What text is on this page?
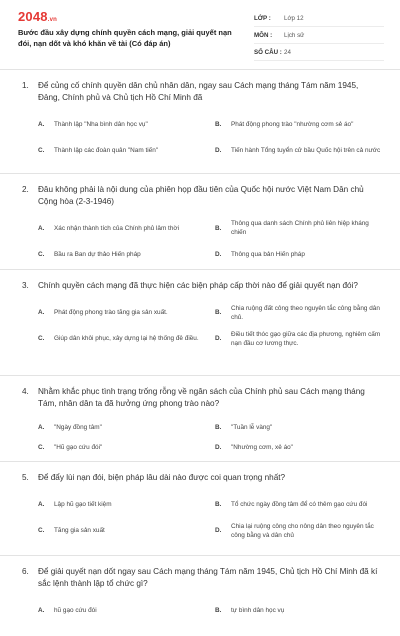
2048.vn
Bước đầu xây dựng chính quyền cách mạng, giải quyết nạn đói, nạn dốt và khó khăn về tài (Có đáp án)
LỚP :	Lớp 12
MÔN :	Lịch sử
SỐ CÂU : 24
1.	Để củng cố chính quyền dân chủ nhân dân, ngay sau Cách mạng tháng Tám năm 1945, Đảng, Chính phủ và Chủ tịch Hồ Chí Minh đã
A.	Thành lập "Nha bình dân học vụ"	B.	Phát động phong trào "nhường cơm sẻ áo"
C.	Thành lập các đoàn quân "Nam tiến"	D.	Tiến hành Tổng tuyển cử bầu Quốc hội trên cả nước
2.	Đâu không phải là nội dung của phiên họp đầu tiên của Quốc hội nước Việt Nam Dân chủ Cộng hòa (2-3-1946)
A.	Xác nhận thành tích của Chính phủ lâm thời	B.
Thông qua danh sách Chính phủ liên hiệp kháng chiến
C.	Bầu ra Ban dự thảo Hiến pháp	D.	Thông qua bản Hiến pháp
3.	Chính quyền cách mạng đã thực hiện các biện pháp cấp thời nào để giải quyết nạn đói?
A.	Phát động phong trào tăng gia sản xuất.	B.
Chia ruộng đất công theo nguyên tắc công bằng dân chủ.
C.	Giúp dân khôi phục, xây dựng lại hệ thống đê điều.	D.
Điều tiết thóc gạo giữa các địa phương, nghiêm cấm nạn đầu cơ lương thực.
4.	Nhằm khắc phục tình trạng trống rỗng về ngân sách của Chính phủ sau Cách mạng tháng Tám, nhân dân ta đã hưởng ứng phong trào nào?
A.	"Ngày đồng tâm"	B.	"Tuần lễ vàng"
C.	"Hũ gạo cứu đói"	D.	"Nhường cơm, xẻ áo"
5.	Để đẩy lùi nạn đói, biện pháp lâu dài nào được coi quan trọng nhất?
A.	Lập hũ gạo tiết kiệm	B.	Tổ chức ngày đồng tâm để có thêm gạo cứu đói
C.	Tăng gia sản xuất	D.
Chia lại ruộng công cho nông dân theo nguyên tắc công bằng và dân chủ
6.	Để giải quyết nạn dốt ngay sau Cách mạng tháng Tám năm 1945, Chủ tịch Hồ Chí Minh đã kí sắc lệnh thành lập tổ chức gì?
A.	hũ gạo cứu đói	B.	tự bình dân học vụ
